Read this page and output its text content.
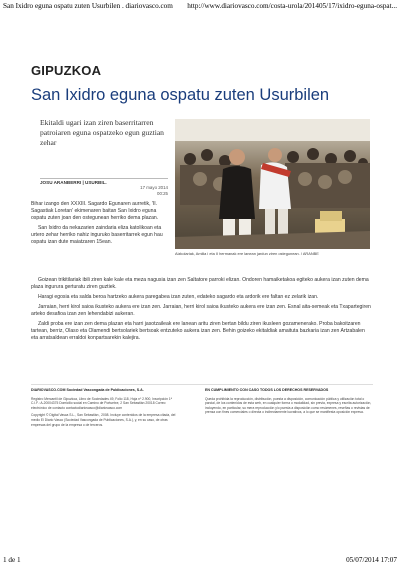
San Ixidro eguna ospatu zuten Usurbilen . diariovasco.com http://www.diariovasco.com/costa-urola/201405/17/ixidro-eguna-ospat...
GIPUZKOA
San Ixidro eguna ospatu zuten Usurbilen
Ekitaldi ugari izan ziren baserritarren patroiaren eguna ospatzeko egun guztian zehar
JOSU ARANBERRI | USURBIL.
17 mayo 2014
00:25

Bihar izango den XXXIII. Sagardo Egunaren aurretik, 'II. Sagastiak Loretan' ekimenaren baitan San Ixidro eguna ospatu zuten joan den ostegunean herriko dema plazan.

San Ixidro da nekazarien zaindaria eliza katolikoan eta urtero zehar herriko nahiz inguruko baserritarrek egun hau ospatu izan dute maiatzaren 15ean.

Aizkolariak, Amilia i eta II hermanak ere lanean jardun ziren ostegunean. / ARANBE

Goizean trikitilariak ibili ziren kale kale eta meza nagusia izan zen Saltatore parroki elizan. Ondoren hamaiketakoa egiteko aukera izan zuten dema plaza ingurura gerturatu ziren guztiek.

Haragi egosia eta salda beroa hartzeko aukera paregabea izan zuten, edateko sagardo eta ardorik ere faltan ez zelarik izan.

Jarraian, herri kirol saioa ikusteko aukera ere izan zen. Jarraian, herri kirol saioa ikusteko aukera ere izan zen. Esnal aita-semeak eta Txapartegiren arteko desafioa izan zen lehendabizi aukeran.

Zaldi proba ere izan zen dema plazan eta harri jasotzaileak ere lanean aritu ziren bertan bildu ziren ikusleen gozamenerako. Proba bakoitzaren tartean, berriz, Olaso eta Olamendi bertsolariek bertsoak entzuteko aukera izan zen. Behin goizeko ekitaldiak amaituta bazkaria izan zen Artzabalen eta arratsaldean erraldoi konpartsarekin kalejira.

DIARIOVASCO.COM Sociedad Vascongada de Publicaciones, S.A.

Registro Mercantil de Gipuzkoa, Libro de Sociedades 49, Folio 118, Hoja nº 2.900, Inscripción 1ª C.I.F.: A-20004375 Domicilio social en Camino de Portuetxe, 2 San Sebastián 20018 Correo electrónico de contacto contactodiariovasco@diariovasco.com

Copyright © Digital Vasca S.L., San Sebastián , 2008. Incluye contenidos de la empresa citada, del medio El Diario Vasco (Sociedad Vascongada de Publicaciones, S.A.), y, en su caso, de otras empresas del grupo de la empresa o de terceros.

EN CUMPLIMIENTO CON CASO TODOS LOS DERECHOS RESERVADOS

Queda prohibida la reproducción, distribución, puesta a disposición, comunicación pública y utilización total o parcial, de los contenidos de esta web, en cualquier forma o modalidad, sin previa, expresa y escrita autorización, incluyendo, en particular, su mera reproducción y/o puesta a disposición como resúmenes, reseñas o revistas de prensa con fines comerciales o directa o indirectamente lucrativos, a lo que se manifiesta oposición expresa.

1 de 1	05/07/2014 17:07
